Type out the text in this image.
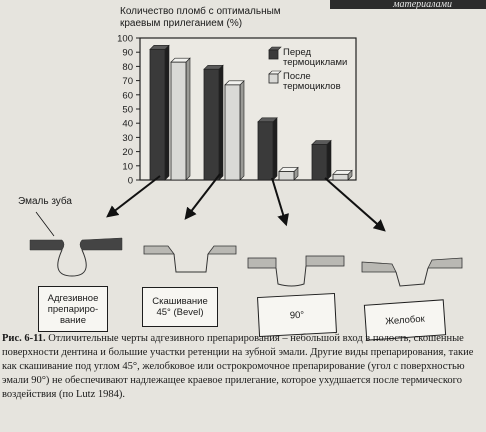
материалами
Количество пломб с оптимальным краевым прилеганием (%)
0
10
20
30
40
50
60
70
80
90
100
Перед
термоциклами
После
термоциклов
Эмаль зуба
Адгезивное
препариро-
вание
Скашивание
45° (Bevel)	90°	Желобок
Рис. 6-11. Отличительные черты адгезивного препарирования – небольшой вход в полость, скошенные поверхности дентина и большие участки ретенции на зубной эмали. Другие виды препарирования, такие как скашивание под углом 45°, желобковое или острокромочное препарирование (угол с поверхностью эмали 90°) не обеспечивают надлежащее краевое прилегание, которое ухудшается после термического воздействия (по Lutz 1984).
